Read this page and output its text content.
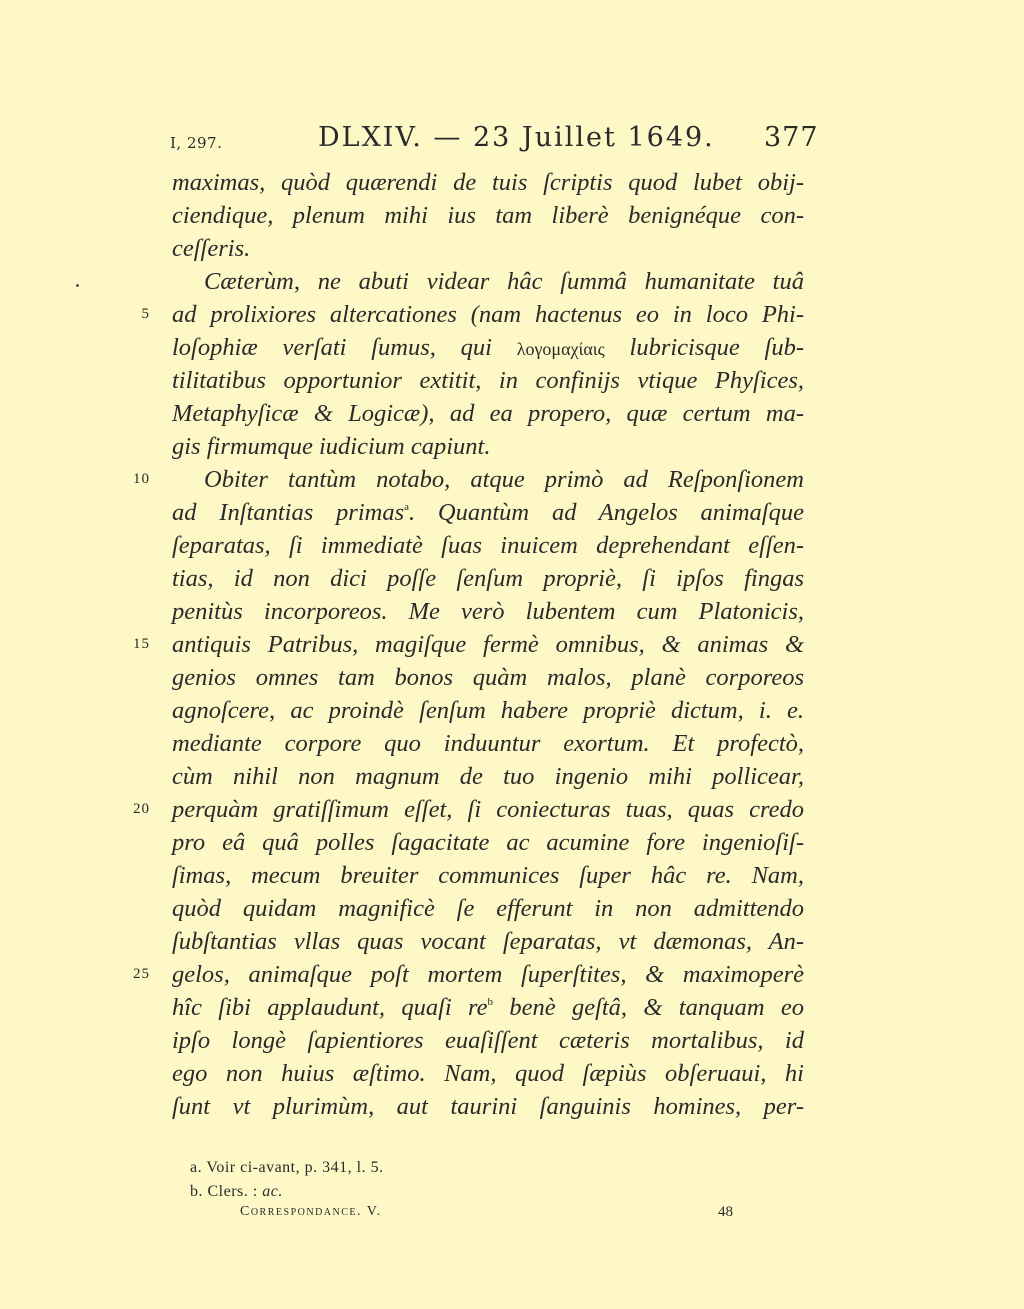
I, 297.	DLXIV. — 23 Juillet 1649. 377
maximas, quòd quærendi de tuis ſcriptis quod lubet obij-
ciendique, plenum mihi ius tam liberè benignéque con-
ceſſeris.
Cæterùm, ne abuti videar hâc ſummâ humanitate tuâ
5 ad prolixiores altercationes (nam hactenus eo in loco Phi-
loſophiæ verſati ſumus, qui λογομαχίαις lubricisque ſub-
tilitatibus opportunior extitit, in confinijs vtique Phyſices,
Metaphyſicæ & Logicæ), ad ea propero, quæ certum ma-
gis firmumque iudicium capiunt.
10	Obiter tantùm notabo, atque primò ad Reſponſionem
ad Inſtantias primas$^a$. Quantùm ad Angelos animaſque
ſeparatas, ſi immediatè ſuas inuicem deprehendant eſſen-
tias, id non dici poſſe ſenſum propriè, ſi ipſos fingas
penitùs incorporeos. Me verò lubentem cum Platonicis,
15 antiquis Patribus, magiſque fermè omnibus, & animas &
genios omnes tam bonos quàm malos, planè corporeos
agnoſcere, ac proindè ſenſum habere propriè dictum, i. e.
mediante corpore quo induuntur exortum. Et profectò,
cùm nihil non magnum de tuo ingenio mihi pollicear,
20 perquàm gratiſſimum eſſet, ſi coniecturas tuas, quas credo
pro eâ quâ polles ſagacitate ac acumine fore ingenioſiſ-
ſimas, mecum breuiter communices ſuper hâc re. Nam,
quòd quidam magnificè ſe efferunt in non admittendo
ſubſtantias vllas quas vocant ſeparatas, vt dæmonas, An-
25 gelos, animaſque poſt mortem ſuperſtites, & maximoperè
hîc ſibi applaudunt, quaſi $re^b$ benè geſtâ, & tanquam eo
ipſo longè ſapientiores euaſiſſent cæteris mortalibus, id
ego non huius æſtimo. Nam, quod ſæpiùs obſeruaui, hi
ſunt vt plurimùm, aut taurini ſanguinis homines, per-
a. Voir ci-avant, p. 341, l. 5.
b. Clers. : ac.
Correspondance. V.	48
